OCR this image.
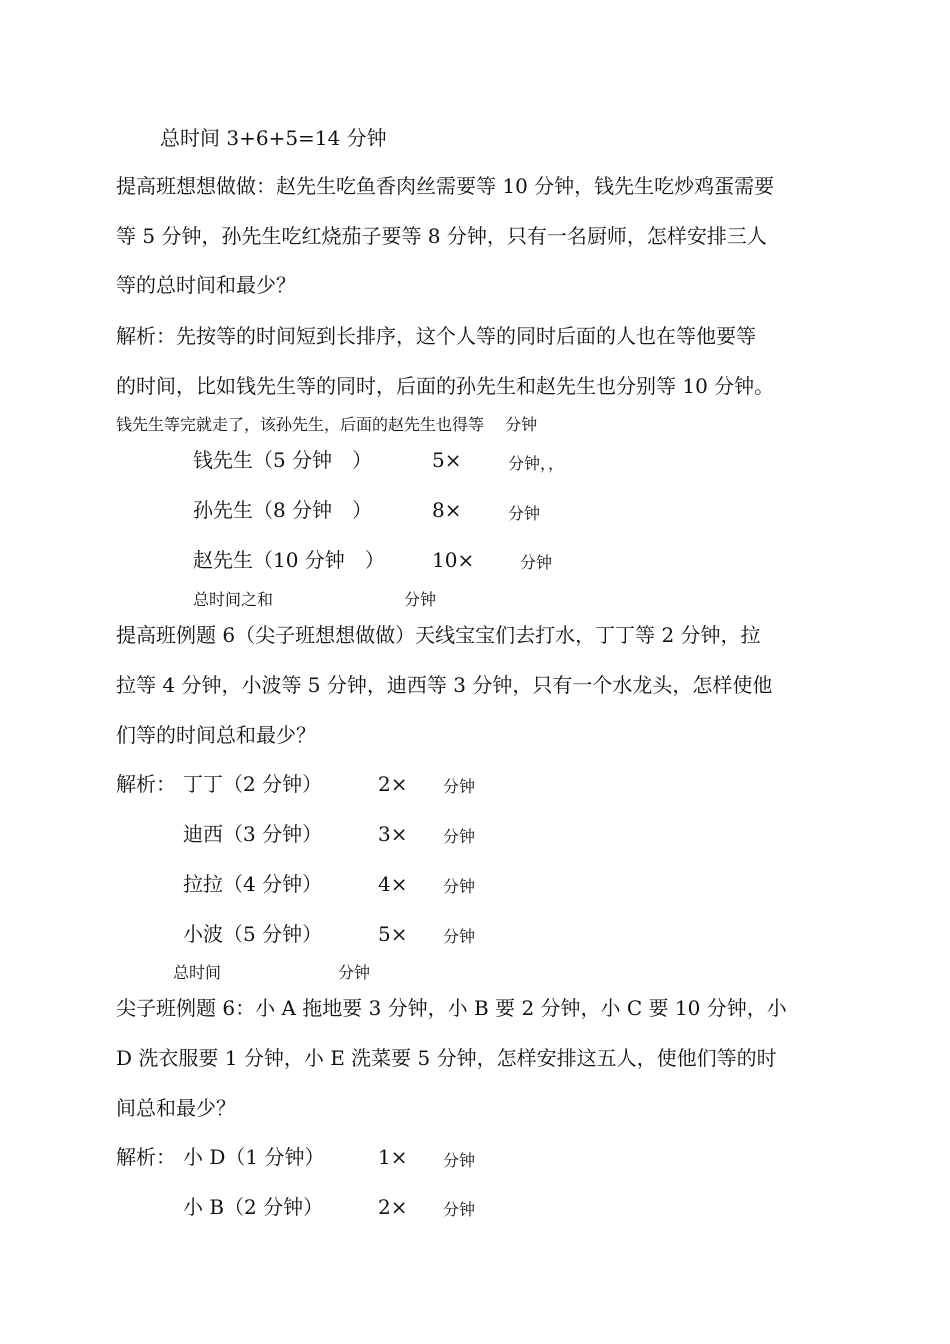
总时间 3+6+5=14 分钟
提高班想想做做：赵先生吃鱼香肉丝需要等 10 分钟，钱先生吃炒鸡蛋需要
等 5 分钟，孙先生吃红烧茄子要等 8 分钟，只有一名厨师，怎样安排三人
等的总时间和最少？
解析：先按等的时间短到长排序，这个人等的同时后面的人也在等他要等
的时间，比如钱先生等的同时，后面的孙先生和赵先生也分别等 10 分钟。
钱先生等完就走了，该孙先生，后面的赵先生也得等　 分钟
钱先生（5 分钟　）	5×	分钟，，
孙先生（8 分钟　）	8×	分钟
赵先生（10 分钟　） 10×	分钟
总时间之和	分钟
提高班例题 6（尖子班想想做做）天线宝宝们去打水，丁丁等 2 分钟，拉
拉等 4 分钟，小波等 5 分钟，迪西等 3 分钟，只有一个水龙头，怎样使他
们等的时间总和最少？
解析： 丁丁（2 分钟）	2× 分钟
迪西（3 分钟）	3× 分钟
拉拉（4 分钟）	4× 分钟
小波（5 分钟）	5× 分钟
总时间	分钟
尖子班例题 6：小 A 拖地要 3 分钟，小 B 要 2 分钟，小 C 要 10 分钟，小
D 洗衣服要 1 分钟，小 E 洗菜要 5 分钟，怎样安排这五人，使他们等的时
间总和最少？
解析： 小 D（1 分钟）	1× 分钟
小 B（2 分钟）	2× 分钟
